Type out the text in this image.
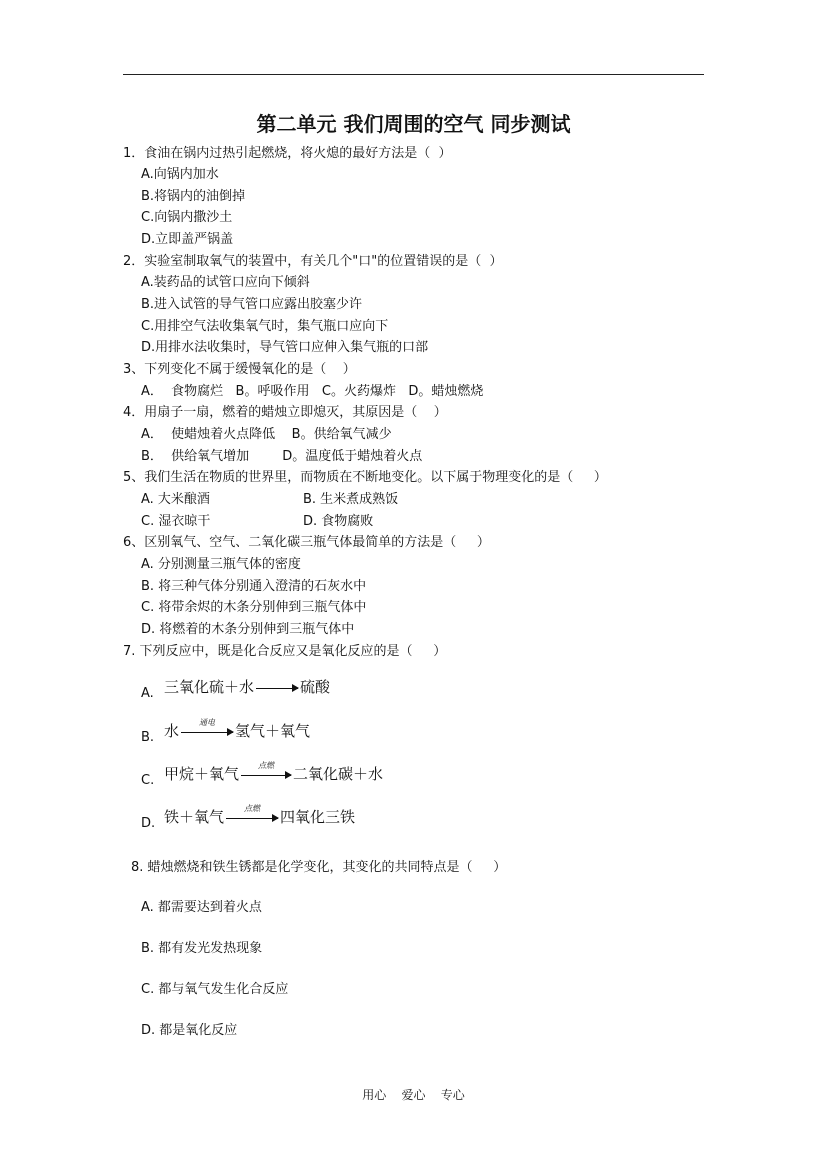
第二单元 我们周围的空气 同步测试
1．食油在锅内过热引起燃烧，将火熄的最好方法是（  ）
A.向锅内加水
B.将锅内的油倒掉
C.向锅内撒沙土
D.立即盖严锅盖
2．实验室制取氧气的装置中，有关几个"口"的位置错误的是（  ）
A.装药品的试管口应向下倾斜
B.进入试管的导气管口应露出胶塞少许
C.用排空气法收集氧气时，集气瓶口应向下
D.用排水法收集时，导气管口应伸入集气瓶的口部
3、下列变化不属于缓慢氧化的是（    ）
A．  食物腐烂   B。呼吸作用   C。火药爆炸   D。蜡烛燃烧
4．用扇子一扇，燃着的蜡烛立即熄灭，其原因是（    ）
A．  使蜡烛着火点降低    B。供给氧气减少
B．  供给氧气增加        D。温度低于蜡烛着火点
5、我们生活在物质的世界里，而物质在不断地变化。以下属于物理变化的是（     ）
A. 大米酿酒	B. 生米煮成熟饭
C. 湿衣晾干	D. 食物腐败
6、区别氧气、空气、二氧化碳三瓶气体最简单的方法是（     ）
A. 分别测量三瓶气体的密度
B. 将三种气体分别通入澄清的石灰水中
C. 将带余烬的木条分别伸到三瓶气体中
D. 将燃着的木条分别伸到三瓶气体中
7. 下列反应中，既是化合反应又是氧化反应的是（     ）
A. 三氧化硫＋水	硫酸
B. 水	通电	氢气＋氧气
C. 甲烷＋氧气	点燃	二氧化碳＋水
D. 铁＋氧气	点燃	四氧化三铁
8. 蜡烛燃烧和铁生锈都是化学变化，其变化的共同特点是（     ）
A. 都需要达到着火点
B. 都有发光发热现象
C. 都与氧气发生化合反应
D. 都是氧化反应
用心    爱心    专心
